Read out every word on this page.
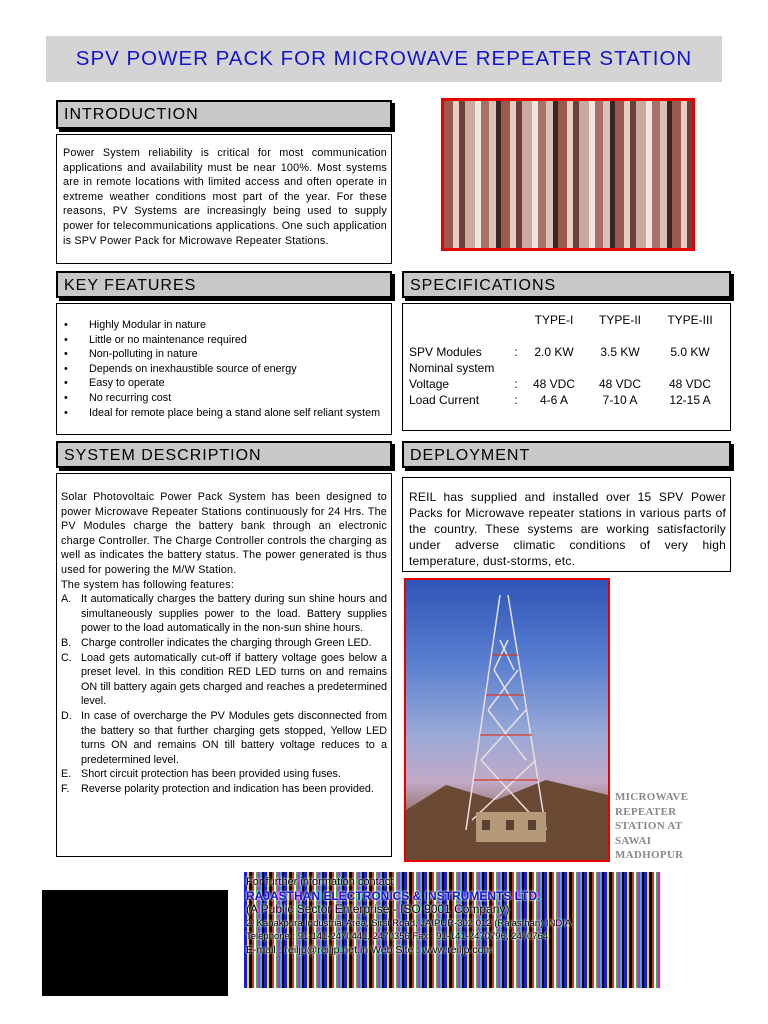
SPV POWER PACK FOR MICROWAVE REPEATER STATION
INTRODUCTION
Power System reliability is critical for most communication applications and availability must be near 100%. Most systems are in remote locations with limited access and often operate in extreme weather conditions most part of the year. For these reasons, PV Systems are increasingly being used to supply power for telecommunications applications. One such application is SPV Power Pack for Microwave Repeater Stations.
KEY FEATURES
• Highly Modular in nature
• Little or no maintenance required
• Non-polluting in nature
• Depends on inexhaustible source of energy
• Easy to operate
• No recurring cost
• Ideal for remote place being a stand alone self reliant system
SPECIFICATIONS
		TYPE-I	TYPE-II	TYPE-III
SPV Modules	:	2.0 KW	3.5 KW	5.0 KW
Nominal system				
Voltage	:	48 VDC	48 VDC	48 VDC
Load Current	:	4-6 A	7-10 A	12-15 A
SYSTEM DESCRIPTION
Solar Photovoltaic Power Pack System has been designed to power Microwave Repeater Stations continuously for 24 Hrs. The PV Modules charge the battery bank through an electronic charge Controller. The Charge Controller controls the charging as well as indicates the battery status. The power generated is thus used for powering the M/W Station.
The system has following features:
A. It automatically charges the battery during sun shine hours and simultaneously supplies power to the load. Battery supplies power to the load automatically in the non-sun shine hours.
B. Charge controller indicates the charging through Green LED.
C. Load gets automatically cut-off if battery voltage goes below a preset level. In this condition RED LED turns on and remains ON till battery again gets charged and reaches a predetermined level.
D. In case of overcharge the PV Modules gets disconnected from the battery so that further charging gets stopped, Yellow LED turns ON and remains ON till battery voltage reduces to a predetermined level.
E. Short circuit protection has been provided using fuses.
F. Reverse polarity protection and indication has been provided.
DEPLOYMENT
REIL has supplied and installed over 15 SPV Power Packs for Microwave repeater stations in various parts of the country. These systems are working satisfactorily under adverse climatic conditions of very high temperature, dust-storms, etc.
MICROWAVE
REPEATER
STATION AT
SAWAI
MADHOPUR
For further information contact
RAJASTHAN ELECTRONICS & INSTRUMENTS LTD.
(A Public Sector Enterprise - ISO 9001 Company)
2, Kanakpura Industrial Area, Sirsi Road, JAIPUR-302 012 (Rajasthan) INDIA
Telephone : 91-141-2470441, 2470356 Fax : 91-141-2470796, 2470764
E-mail : reiljp@reiljp.net.in Web Site : www.reiljp.com
